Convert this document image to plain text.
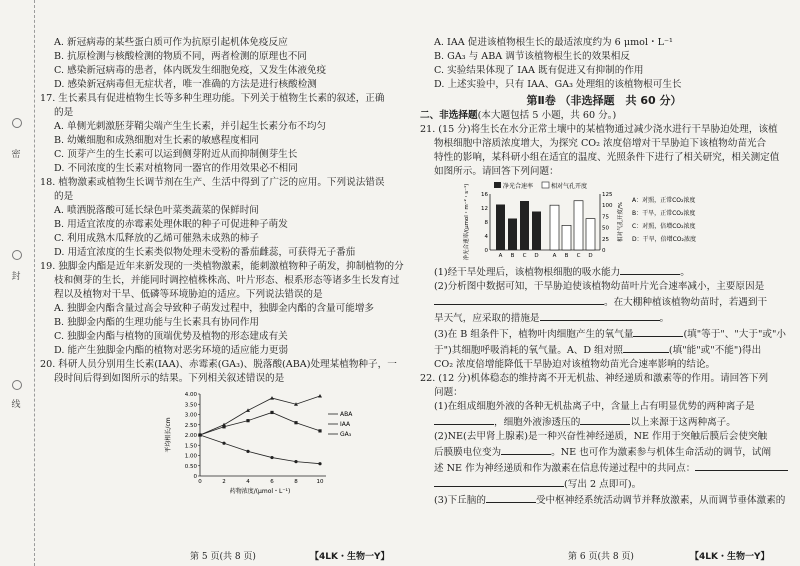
密
封
线
A. 新冠病毒的某些蛋白质可作为抗原引起机体免疫反应
B. 抗原检测与核酸检测的物质不同，两者检测的原理也不同
C. 感染新冠病毒的患者，体内既发生细胞免疫，又发生体液免疫
D. 感染新冠病毒但无症状者，唯一准确的方法是进行核酸检测
17. 生长素具有促进植物生长等多种生理功能。下列关于植物生长素的叙述，正确
的是
A. 单侧光刺激胚芽鞘尖端产生生长素，并引起生长素分布不均匀
B. 幼嫩细胞和成熟细胞对生长素的敏感程度相同
C. 顶芽产生的生长素可以运到侧芽附近从而抑制侧芽生长
D. 不同浓度的生长素对植物同一器官的作用效果必不相同
18. 植物激素或植物生长调节剂在生产、生活中得到了广泛的应用。下列说法错误
的是
A. 喷洒脱落酸可延长绿色叶菜类蔬菜的保鲜时间
B. 用适宜浓度的赤霉素处理休眠的种子可促进种子萌发
C. 利用成熟木瓜释放的乙烯可催熟未成熟的柿子
D. 用适宜浓度的生长素类似物处理未受粉的番茄雌蕊，可获得无子番茄
19. 独脚金内酯是近年来新发现的一类植物激素，能刺激植物种子萌发，抑制植物的分
枝和侧芽的生长，并能同时调控植株株高、叶片形态、根系形态等诸多生长发育过
程以及植物对干旱、低磷等环境胁迫的适应。下列说法错误的是
A. 独脚金内酯含量过高会导致种子萌发过程中，独脚金内酯的含量可能增多
B. 独脚金内酯的生理功能与生长素具有协同作用
C. 独脚金内酯与植物的顶端优势及植物的形态建成有关
D. 能产生独脚金内酯的植物对恶劣环境的适应能力更弱
20. 科研人员分别用生长素(IAA)、赤霉素(GA₃)、脱落酸(ABA)处理某植物种子，一
段时间后得到如图所示的结果。下列相关叙述错误的是
0
0.50
1.00
1.50
2.00
2.50
3.00
3.50
4.00
0	2	4	6	8	10
平均根长/cm
药物浓度/(μmol・L⁻¹)
ABA
IAA
GA₃
第 5 页(共 8 页)	【4LK・生物一Y】
A. IAA 促进该植物根生长的最适浓度约为 6 μmol・L⁻¹
B. GA₃ 与 ABA 调节该植物根生长的效果相反
C. 实验结果体现了 IAA 既有促进又有抑制的作用
D. 上述实验中，只有 IAA、GA₃ 处理组的该植物根可生长
第Ⅱ卷 （非选择题　共 60 分）
二、非选择题(本大题包括 5 小题，共 60 分。)
21. (15 分)将生长在水分正常土壤中的某植物通过减少浇水进行干旱胁迫处理，该植
物根细胞中溶质浓度增大，为探究 CO₂ 浓度倍增对干旱胁迫下该植物幼苗光合
特性的影响，某科研小组在适宜的温度、光照条件下进行了相关研究，相关测定值
如图所示。请回答下列问题：
净光合速率	相对气孔开度
0
4
8
12
16
0
25
50
75
100
125
净光合速率/(μmol・m⁻²・s⁻¹)	相对气孔开度/%
A	A
B	B
C	C
D	D
A：对照，正常CO₂浓度
B：干旱，正常CO₂浓度
C：对照，倍增CO₂浓度
D：干旱，倍增CO₂浓度
(1)经干旱处理后，该植物根细胞的吸水能力	。
(2)分析图中数据可知，干旱胁迫使该植物幼苗叶片光合速率减小，主要原因是
。在大棚种植该植物幼苗时，若遇到干
旱天气，应采取的措施是	。
(3)在 B 组条件下，植物叶肉细胞产生的氧气量	(填"等于"、"大于"或"小
于")其细胞呼吸消耗的氧气量。A、D 组对照	(填"能"或"不能")得出
CO₂ 浓度倍增能降低干旱胁迫对该植物幼苗光合速率影响的结论。
22. (12 分)机体稳态的维持离不开无机盐、神经递质和激素等的作用。请回答下列
问题：
(1)在组成细胞外液的各种无机盐离子中，含量上占有明显优势的两种离子是
，细胞外液渗透压的	以上来源于这两种离子。
(2)NE(去甲肾上腺素)是一种兴奋性神经递质，NE 作用于突触后膜后会使突触
后膜膜电位变为	。NE 也可作为激素参与机体生命活动的调节，试阐
述 NE 作为神经递质和作为激素在信息传递过程中的共同点：
(写出 2 点即可)。
(3)下丘脑的	受中枢神经系统活动调节并释放激素，从而调节垂体激素的
第 6 页(共 8 页)	【4LK・生物一Y】
